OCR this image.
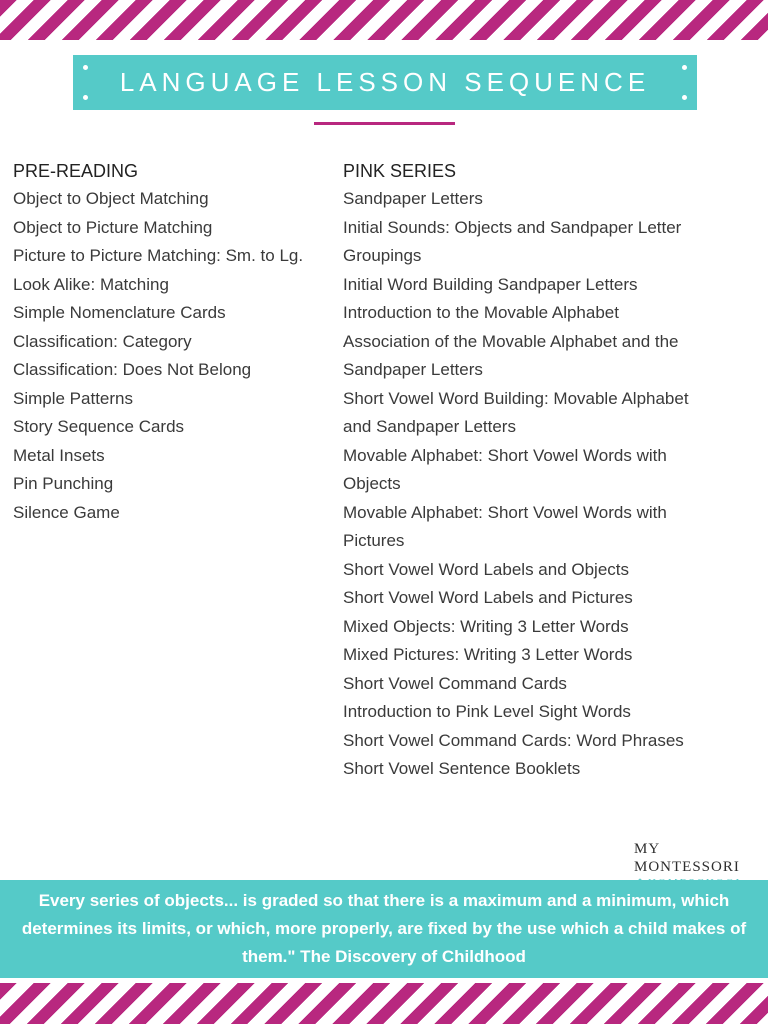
LANGUAGE LESSON SEQUENCE
PRE-READING
Object to Object Matching
Object to Picture Matching
Picture to Picture Matching: Sm. to Lg.
Look Alike: Matching
Simple Nomenclature Cards
Classification: Category
Classification: Does Not Belong
Simple Patterns
Story Sequence Cards
Metal Insets
Pin Punching
Silence Game
PINK SERIES
Sandpaper Letters
Initial Sounds: Objects and Sandpaper Letter
Groupings
Initial Word Building Sandpaper Letters
Introduction to the Movable Alphabet
Association of the Movable Alphabet and the
Sandpaper Letters
Short Vowel Word Building: Movable Alphabet
and Sandpaper Letters
Movable Alphabet: Short Vowel Words with
Objects
Movable Alphabet: Short Vowel Words with
Pictures
Short Vowel Word Labels and Objects
Short Vowel Word Labels and Pictures
Mixed Objects: Writing 3 Letter Words
Mixed Pictures: Writing 3 Letter Words
Short Vowel Command Cards
Introduction to Pink Level Sight Words
Short Vowel Command Cards: Word Phrases
Short Vowel Sentence Booklets
MY MONTESSORI
Every series of objects... is graded so that there is a maximum and a minimum, which determines its limits, or which, more properly, are fixed by the use which a child makes of them." The Discovery of Childhood
